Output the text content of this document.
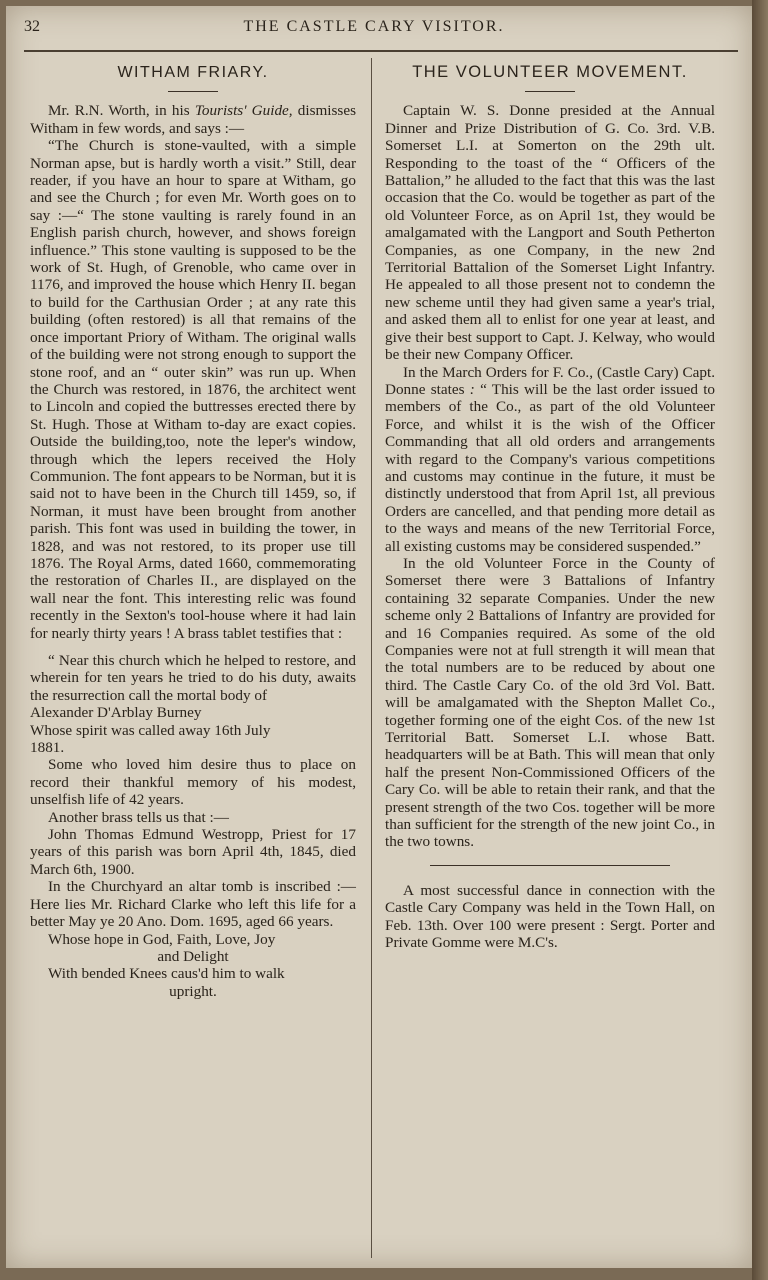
32	THE CASTLE CARY VISITOR.
WITHAM FRIARY.

Mr. R.N. Worth, in his Tourists' Guide, dismisses Witham in few words, and says :—

“The Church is stone-vaulted, with a simple Norman apse, but is hardly worth a visit.” Still, dear reader, if you have an hour to spare at Witham, go and see the Church ; for even Mr. Worth goes on to say :—“ The stone vaulting is rarely found in an English parish church, however, and shows foreign influence.” This stone vaulting is supposed to be the work of St. Hugh, of Grenoble, who came over in 1176, and improved the house which Henry II. began to build for the Carthusian Order ; at any rate this building (often restored) is all that remains of the once important Priory of Witham. The original walls of the building were not strong enough to support the stone roof, and an “ outer skin” was run up. When the Church was restored, in 1876, the architect went to Lincoln and copied the buttresses erected there by St. Hugh. Those at Witham to-day are exact copies. Outside the building,too, note the leper's window, through which the lepers received the Holy Communion. The font appears to be Norman, but it is said not to have been in the Church till 1459, so, if Norman, it must have been brought from another parish. This font was used in building the tower, in 1828, and was not restored, to its proper use till 1876. The Royal Arms, dated 1660, commemorating the restoration of Charles II., are displayed on the wall near the font. This interesting relic was found recently in the Sexton's tool-house where it had lain for nearly thirty years ! A brass tablet testifies that :

“ Near this church which he helped to restore, and wherein for ten years he tried to do his duty, awaits the resurrection call the mortal body of

Alexander D'Arblay Burney

Whose spirit was called away 16th July

1881.

Some who loved him desire thus to place on record their thankful memory of his modest, unselfish life of 42 years.

Another brass tells us that :—

John Thomas Edmund Westropp, Priest for 17 years of this parish was born April 4th, 1845, died March 6th, 1900.

In the Churchyard an altar tomb is inscribed :—Here lies Mr. Richard Clarke who left this life for a better May ye 20 Ano. Dom. 1695, aged 66 years.

Whose hope in God, Faith, Love, Joy

and Delight

With bended Knees caus'd him to walk

upright.

THE VOLUNTEER MOVEMENT.

Captain W. S. Donne presided at the Annual Dinner and Prize Distribution of G. Co. 3rd. V.B. Somerset L.I. at Somerton on the 29th ult. Responding to the toast of the “ Officers of the Battalion,” he alluded to the fact that this was the last occasion that the Co. would be together as part of the old Volunteer Force, as on April 1st, they would be amalgamated with the Langport and South Petherton Companies, as one Company, in the new 2nd Territorial Battalion of the Somerset Light Infantry. He appealed to all those present not to condemn the new scheme until they had given same a year's trial, and asked them all to enlist for one year at least, and give their best support to Capt. J. Kelway, who would be their new Company Officer.

In the March Orders for F. Co., (Castle Cary) Capt. Donne states : “ This will be the last order issued to members of the Co., as part of the old Volunteer Force, and whilst it is the wish of the Officer Commanding that all old orders and arrangements with regard to the Company's various competitions and customs may continue in the future, it must be distinctly understood that from April 1st, all previous Orders are cancelled, and that pending more detail as to the ways and means of the new Territorial Force, all existing customs may be considered suspended.”

In the old Volunteer Force in the County of Somerset there were 3 Battalions of Infantry containing 32 separate Companies. Under the new scheme only 2 Battalions of Infantry are provided for and 16 Companies required. As some of the old Companies were not at full strength it will mean that the total numbers are to be reduced by about one third. The Castle Cary Co. of the old 3rd Vol. Batt. will be amalgamated with the Shepton Mallet Co., together forming one of the eight Cos. of the new 1st Territorial Batt. Somerset L.I. whose Batt. headquarters will be at Bath. This will mean that only half the present Non-Commissioned Officers of the Cary Co. will be able to retain their rank, and that the present strength of the two Cos. together will be more than sufficient for the strength of the new joint Co., in the two towns.

A most successful dance in connection with the Castle Cary Company was held in the Town Hall, on Feb. 13th. Over 100 were present : Sergt. Porter and Private Gomme were M.C's.
